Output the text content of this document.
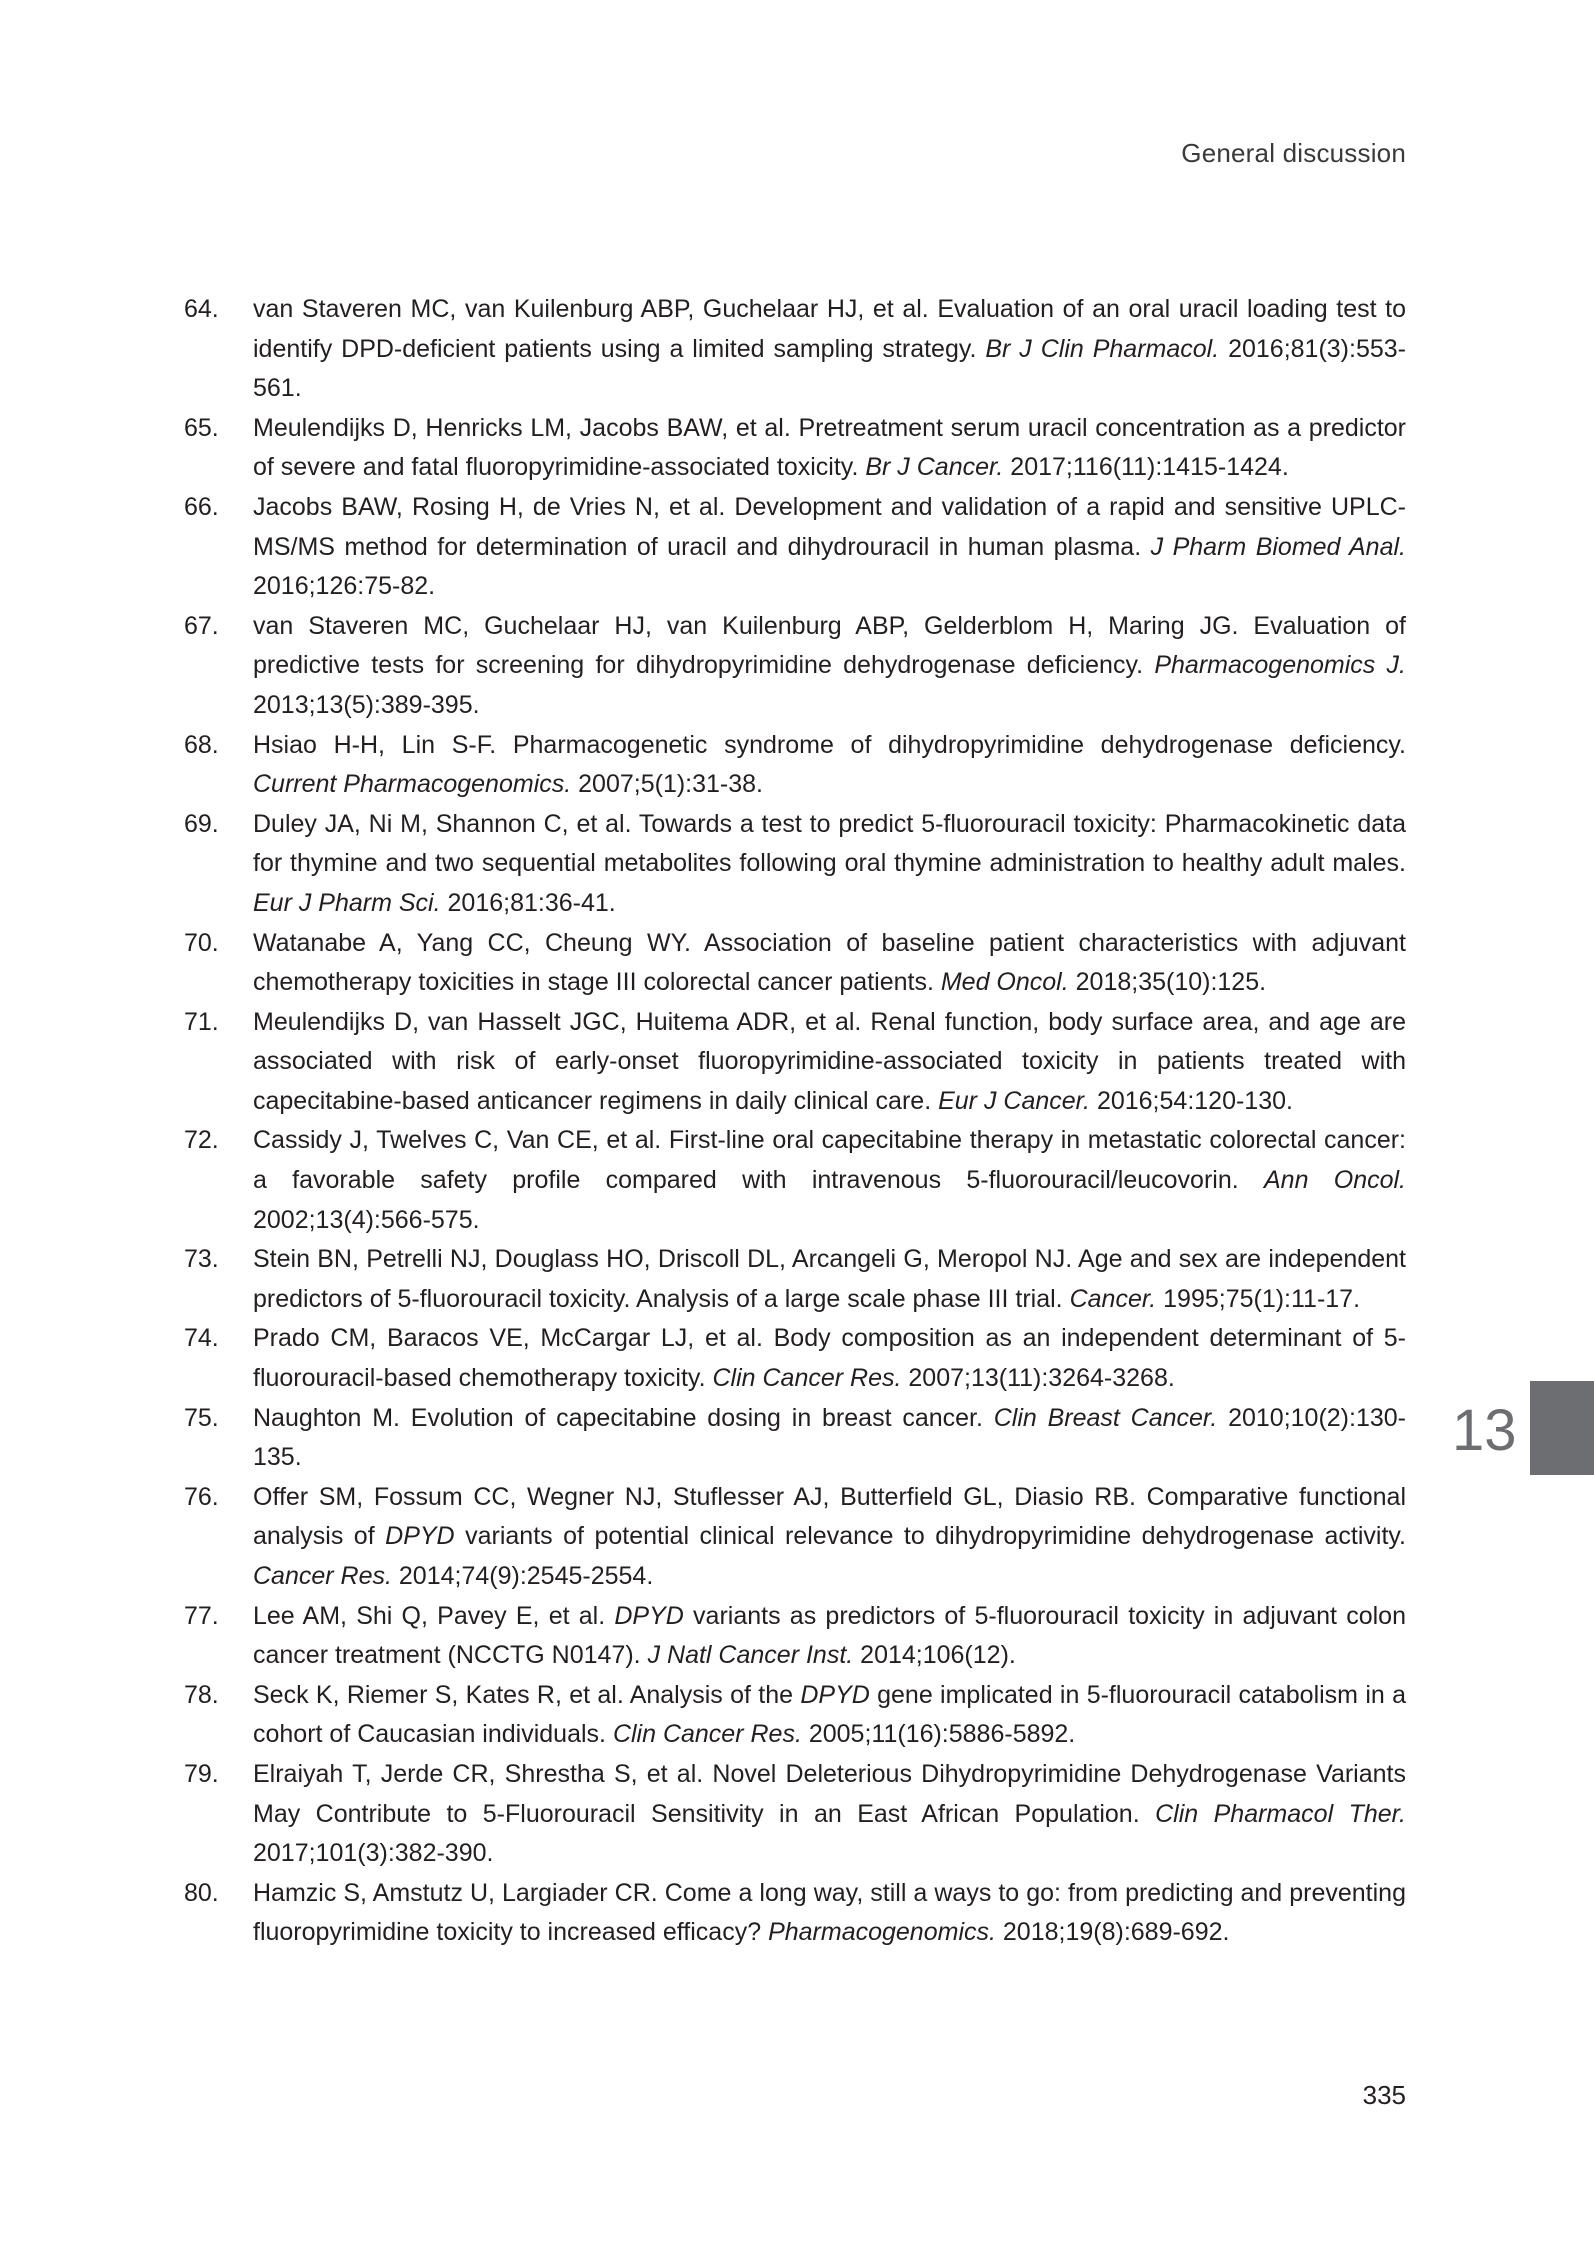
General discussion
64. van Staveren MC, van Kuilenburg ABP, Guchelaar HJ, et al. Evaluation of an oral uracil loading test to identify DPD-deficient patients using a limited sampling strategy. Br J Clin Pharmacol. 2016;81(3):553-561.
65. Meulendijks D, Henricks LM, Jacobs BAW, et al. Pretreatment serum uracil concentration as a predictor of severe and fatal fluoropyrimidine-associated toxicity. Br J Cancer. 2017;116(11):1415-1424.
66. Jacobs BAW, Rosing H, de Vries N, et al. Development and validation of a rapid and sensitive UPLC-MS/MS method for determination of uracil and dihydrouracil in human plasma. J Pharm Biomed Anal. 2016;126:75-82.
67. van Staveren MC, Guchelaar HJ, van Kuilenburg ABP, Gelderblom H, Maring JG. Evaluation of predictive tests for screening for dihydropyrimidine dehydrogenase deficiency. Pharmacogenomics J. 2013;13(5):389-395.
68. Hsiao H-H, Lin S-F. Pharmacogenetic syndrome of dihydropyrimidine dehydrogenase deficiency. Current Pharmacogenomics. 2007;5(1):31-38.
69. Duley JA, Ni M, Shannon C, et al. Towards a test to predict 5-fluorouracil toxicity: Pharmacokinetic data for thymine and two sequential metabolites following oral thymine administration to healthy adult males. Eur J Pharm Sci. 2016;81:36-41.
70. Watanabe A, Yang CC, Cheung WY. Association of baseline patient characteristics with adjuvant chemotherapy toxicities in stage III colorectal cancer patients. Med Oncol. 2018;35(10):125.
71. Meulendijks D, van Hasselt JGC, Huitema ADR, et al. Renal function, body surface area, and age are associated with risk of early-onset fluoropyrimidine-associated toxicity in patients treated with capecitabine-based anticancer regimens in daily clinical care. Eur J Cancer. 2016;54:120-130.
72. Cassidy J, Twelves C, Van CE, et al. First-line oral capecitabine therapy in metastatic colorectal cancer: a favorable safety profile compared with intravenous 5-fluorouracil/leucovorin. Ann Oncol. 2002;13(4):566-575.
73. Stein BN, Petrelli NJ, Douglass HO, Driscoll DL, Arcangeli G, Meropol NJ. Age and sex are independent predictors of 5-fluorouracil toxicity. Analysis of a large scale phase III trial. Cancer. 1995;75(1):11-17.
74. Prado CM, Baracos VE, McCargar LJ, et al. Body composition as an independent determinant of 5-fluorouracil-based chemotherapy toxicity. Clin Cancer Res. 2007;13(11):3264-3268.
75. Naughton M. Evolution of capecitabine dosing in breast cancer. Clin Breast Cancer. 2010;10(2):130-135.
76. Offer SM, Fossum CC, Wegner NJ, Stuflesser AJ, Butterfield GL, Diasio RB. Comparative functional analysis of DPYD variants of potential clinical relevance to dihydropyrimidine dehydrogenase activity. Cancer Res. 2014;74(9):2545-2554.
77. Lee AM, Shi Q, Pavey E, et al. DPYD variants as predictors of 5-fluorouracil toxicity in adjuvant colon cancer treatment (NCCTG N0147). J Natl Cancer Inst. 2014;106(12).
78. Seck K, Riemer S, Kates R, et al. Analysis of the DPYD gene implicated in 5-fluorouracil catabolism in a cohort of Caucasian individuals. Clin Cancer Res. 2005;11(16):5886-5892.
79. Elraiyah T, Jerde CR, Shrestha S, et al. Novel Deleterious Dihydropyrimidine Dehydrogenase Variants May Contribute to 5-Fluorouracil Sensitivity in an East African Population. Clin Pharmacol Ther. 2017;101(3):382-390.
80. Hamzic S, Amstutz U, Largiader CR. Come a long way, still a ways to go: from predicting and preventing fluoropyrimidine toxicity to increased efficacy? Pharmacogenomics. 2018;19(8):689-692.
13
335
